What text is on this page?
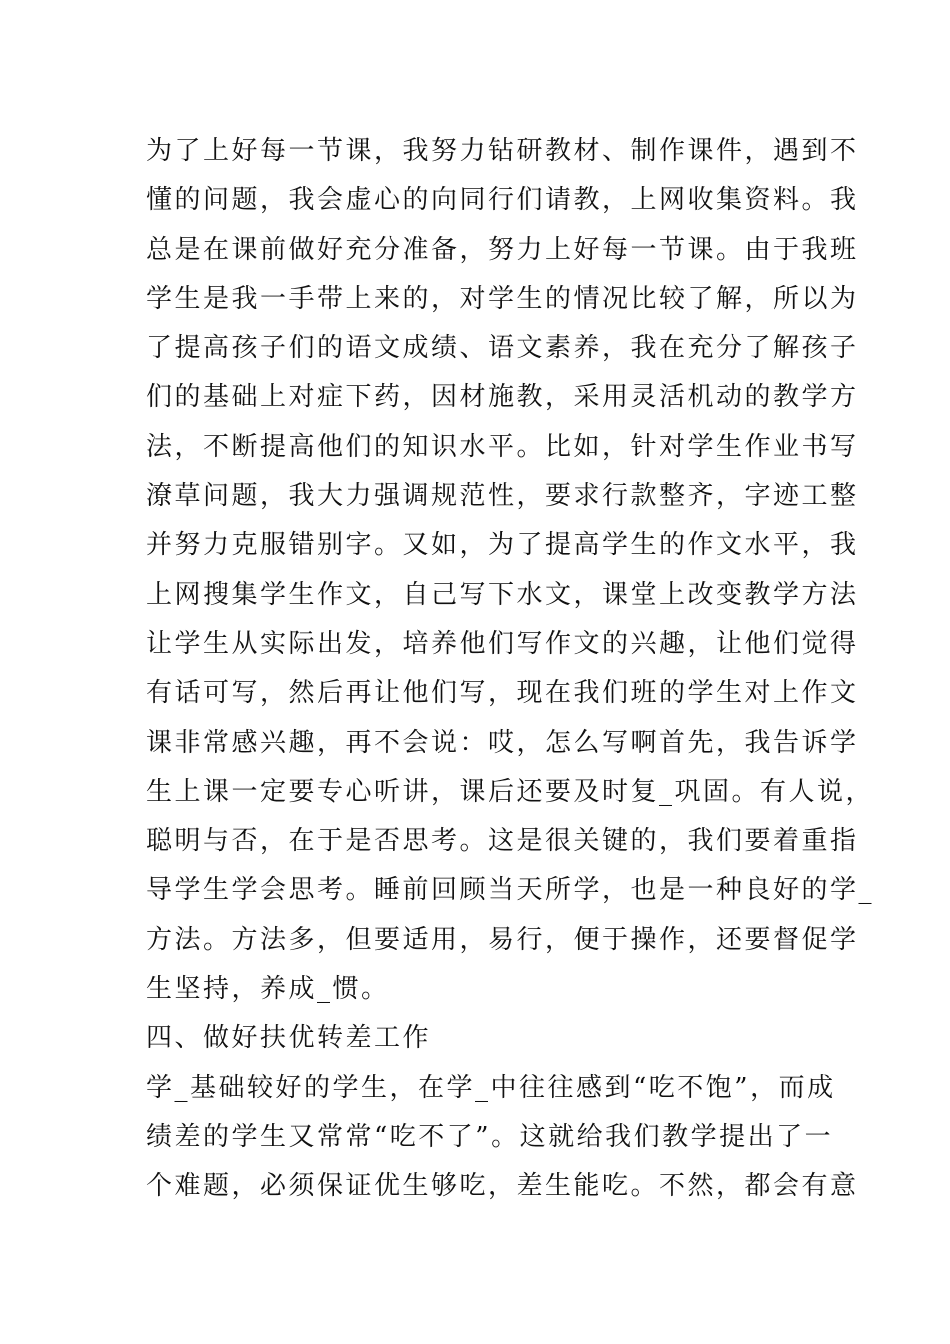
为了上好每一节课，我努力钻研教材、制作课件，遇到不
懂的问题，我会虚心的向同行们请教，上网收集资料。我
总是在课前做好充分准备，努力上好每一节课。由于我班
学生是我一手带上来的，对学生的情况比较了解，所以为
了提高孩子们的语文成绩、语文素养，我在充分了解孩子
们的基础上对症下药，因材施教，采用灵活机动的教学方
法，不断提高他们的知识水平。比如，针对学生作业书写
潦草问题，我大力强调规范性，要求行款整齐，字迹工整
并努力克服错别字。又如，为了提高学生的作文水平，我
上网搜集学生作文，自己写下水文，课堂上改变教学方法
让学生从实际出发，培养他们写作文的兴趣，让他们觉得
有话可写，然后再让他们写，现在我们班的学生对上作文
课非常感兴趣，再不会说：哎，怎么写啊首先，我告诉学
生上课一定要专心听讲，课后还要及时复_巩固。有人说，
聪明与否，在于是否思考。这是很关键的，我们要着重指
导学生学会思考。睡前回顾当天所学，也是一种良好的学_
方法。方法多，但要适用，易行，便于操作，还要督促学
生坚持，养成_惯。
四、做好扶优转差工作
学_基础较好的学生，在学_中往往感到“吃不饱”，而成
绩差的学生又常常“吃不了”。这就给我们教学提出了一
个难题，必须保证优生够吃，差生能吃。不然，都会有意
